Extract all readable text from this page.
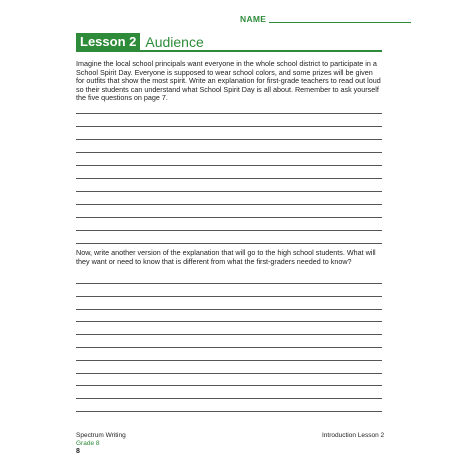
NAME
Lesson 2 Audience

Imagine the local school principals want everyone in the whole school district to participate in a School Spirit Day. Everyone is supposed to wear school colors, and some prizes will be given for outfits that show the most spirit. Write an explanation for first-grade teachers to read out loud so their students can understand what School Spirit Day is all about. Remember to ask yourself the five questions on page 7.

Now, write another version of the explanation that will go to the high school students. What will they want or need to know that is different from what the first-graders needed to know?

Spectrum Writing
Grade 8
Introduction Lesson 2
8
